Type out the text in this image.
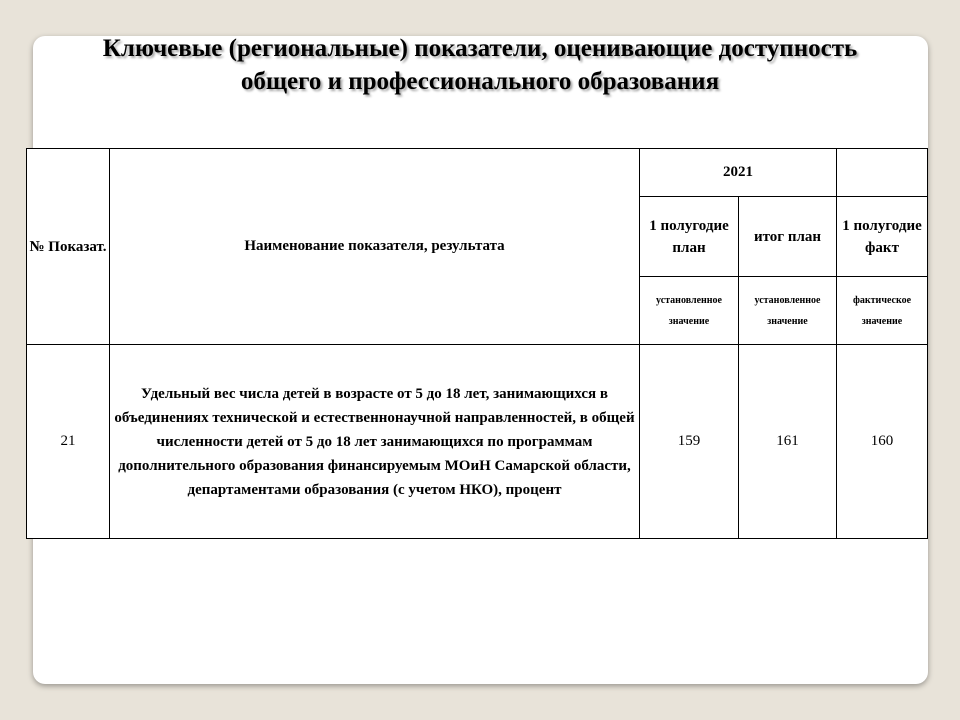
Ключевые (региональные) показатели, оценивающие доступность
общего и профессионального образования
№ Показат.	Наименование показателя, результата	2021		
		1 полугодие план	итог план	1 полугодие факт
		установленное значение	установленное значение	фактическое значение
21	Удельный вес числа детей в возрасте от 5 до 18 лет, занимающихся в объединениях технической и естественнонаучной направленностей, в общей численности детей от 5 до 18 лет занимающихся по программам дополнительного образования финансируемым МОиН Самарской области, департаментами образования (с учетом НКО), процент	159	161	160
